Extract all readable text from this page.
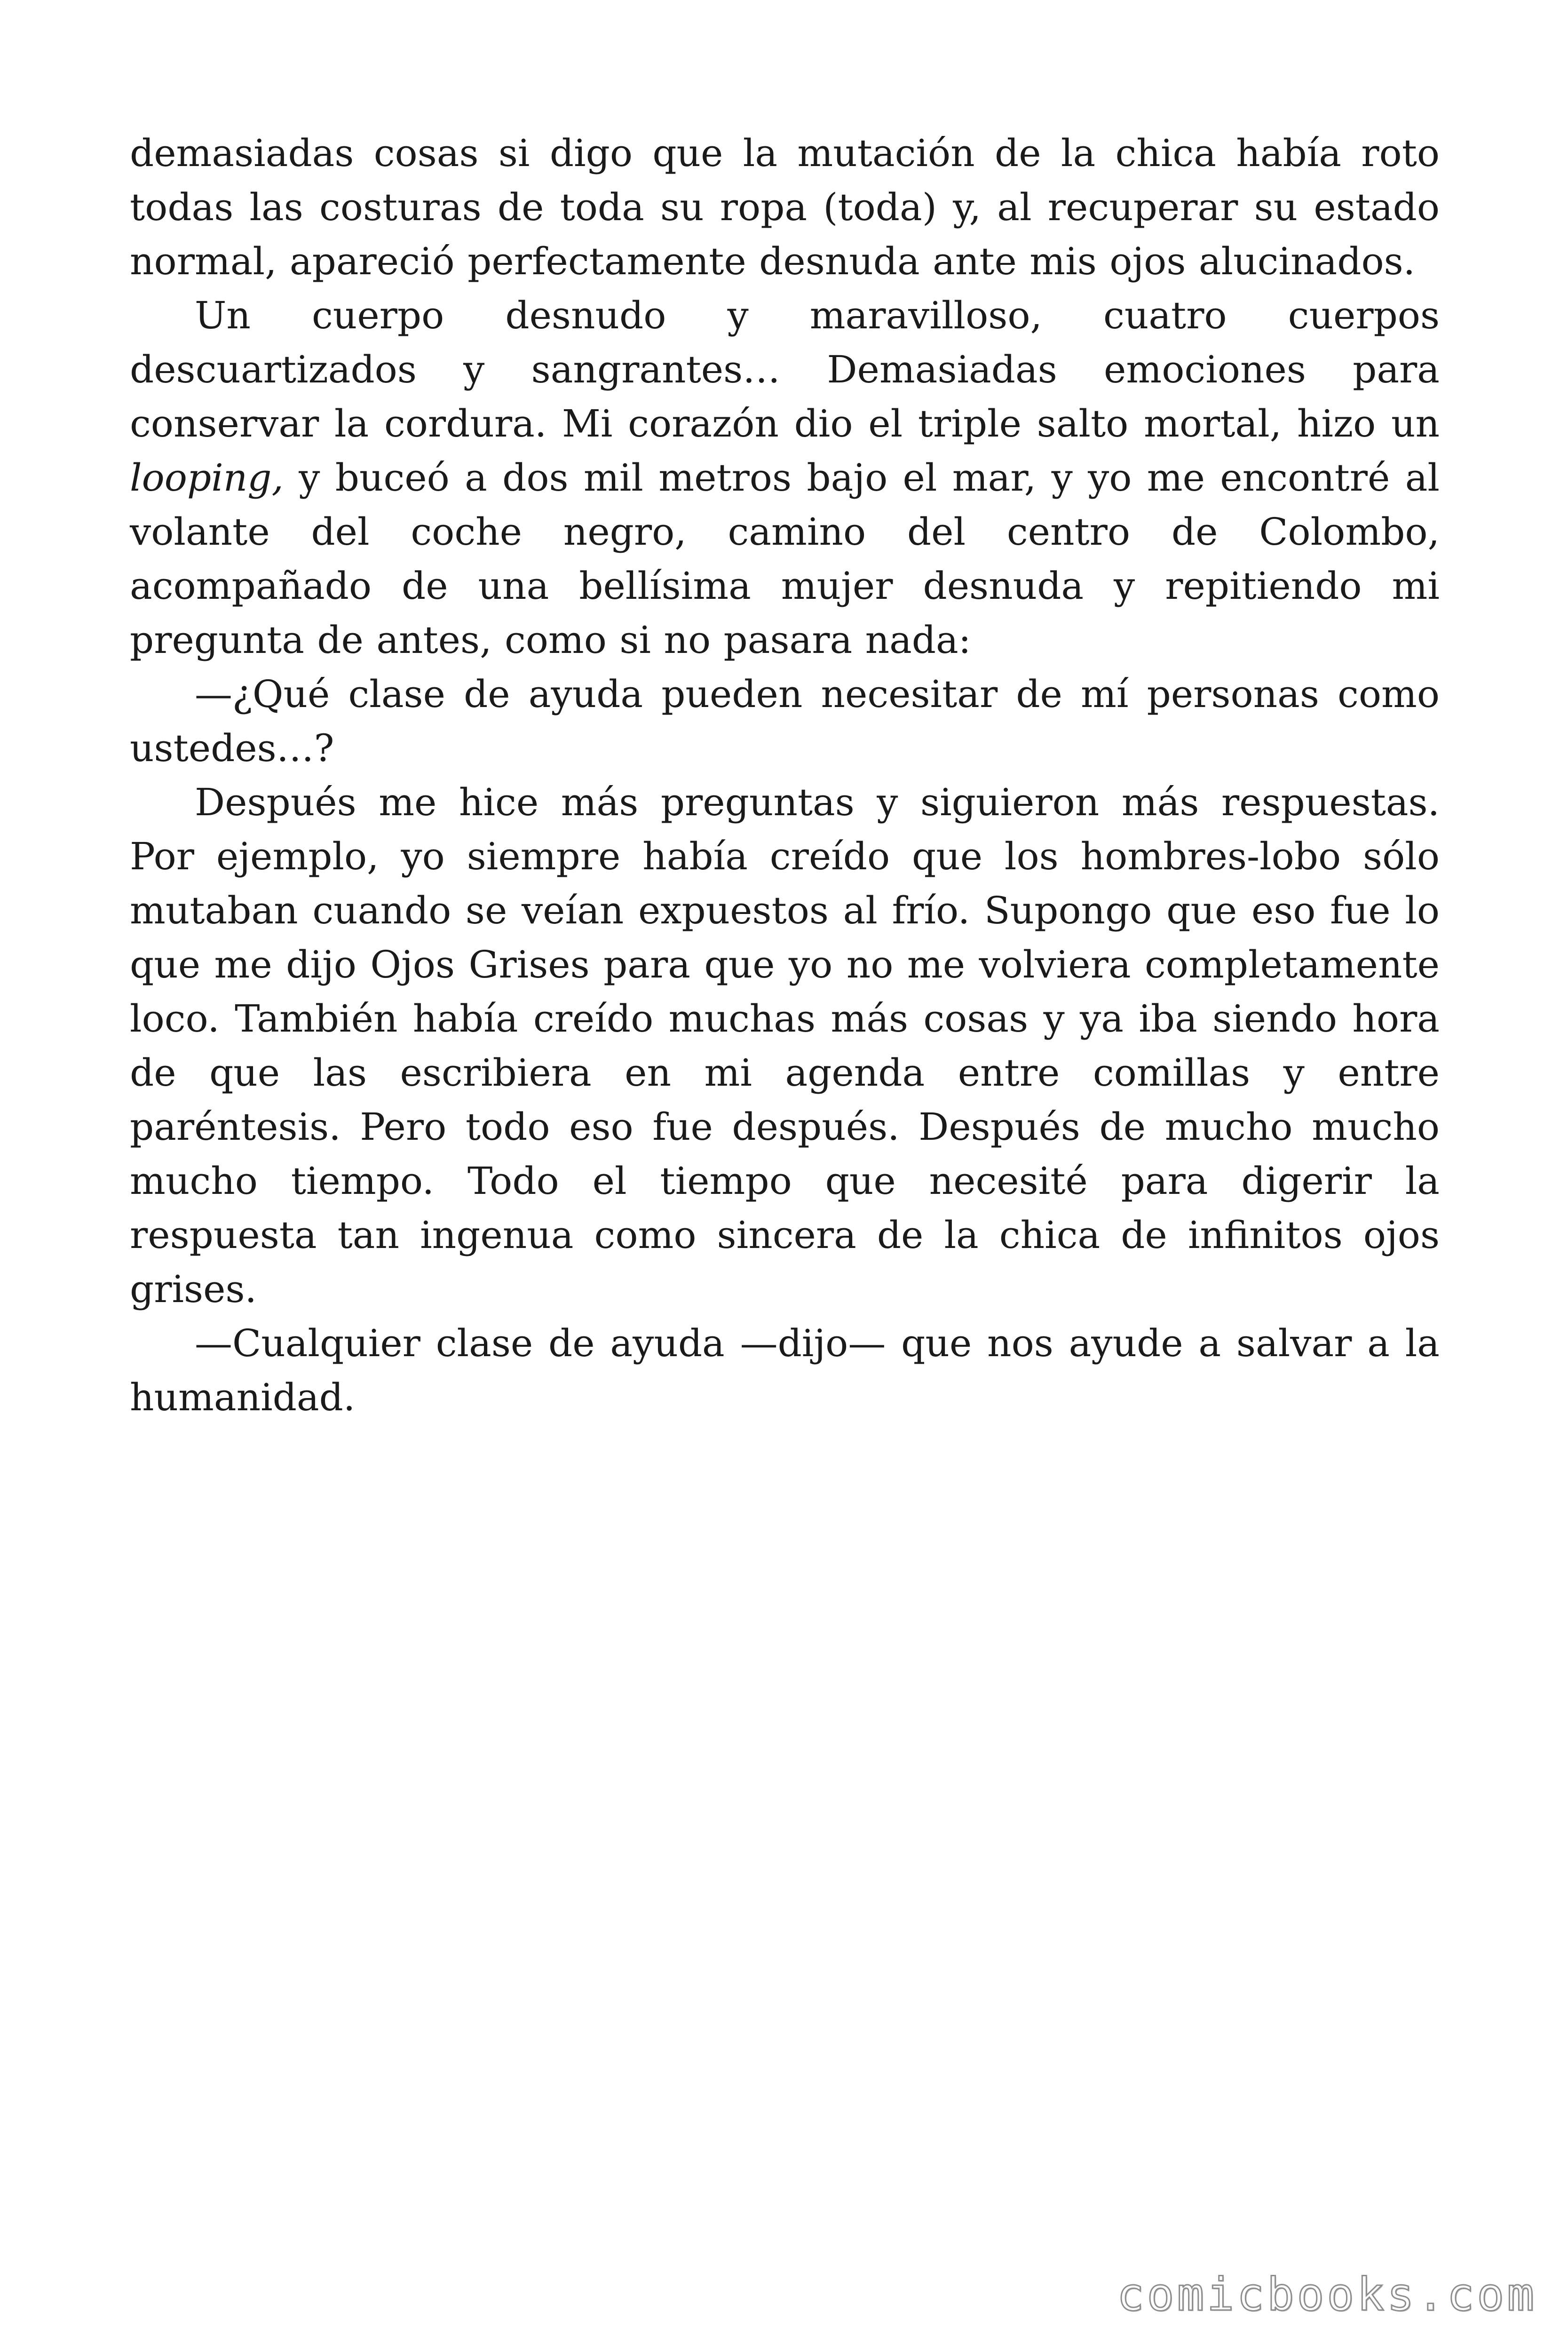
demasiadas cosas si digo que la mutación de la chica había roto todas las costuras de toda su ropa (toda) y, al recuperar su estado normal, apareció perfectamente desnuda ante mis ojos alucinados.

Un cuerpo desnudo y maravilloso, cuatro cuerpos descuartizados y sangrantes… Demasiadas emociones para conservar la cordura. Mi corazón dio el triple salto mortal, hizo un looping, y buceó a dos mil metros bajo el mar, y yo me encontré al volante del coche negro, camino del centro de Colombo, acompañado de una bellísima mujer desnuda y repitiendo mi pregunta de antes, como si no pasara nada:

—¿Qué clase de ayuda pueden necesitar de mí personas como ustedes…?

Después me hice más preguntas y siguieron más respuestas. Por ejemplo, yo siempre había creído que los hombres-lobo sólo mutaban cuando se veían expuestos al frío. Supongo que eso fue lo que me dijo Ojos Grises para que yo no me volviera completamente loco. También había creído muchas más cosas y ya iba siendo hora de que las escribiera en mi agenda entre comillas y entre paréntesis. Pero todo eso fue después. Después de mucho mucho mucho tiempo. Todo el tiempo que necesité para digerir la respuesta tan ingenua como sincera de la chica de infinitos ojos grises.

—Cualquier clase de ayuda —dijo— que nos ayude a salvar a la humanidad.

comicbooks.com
